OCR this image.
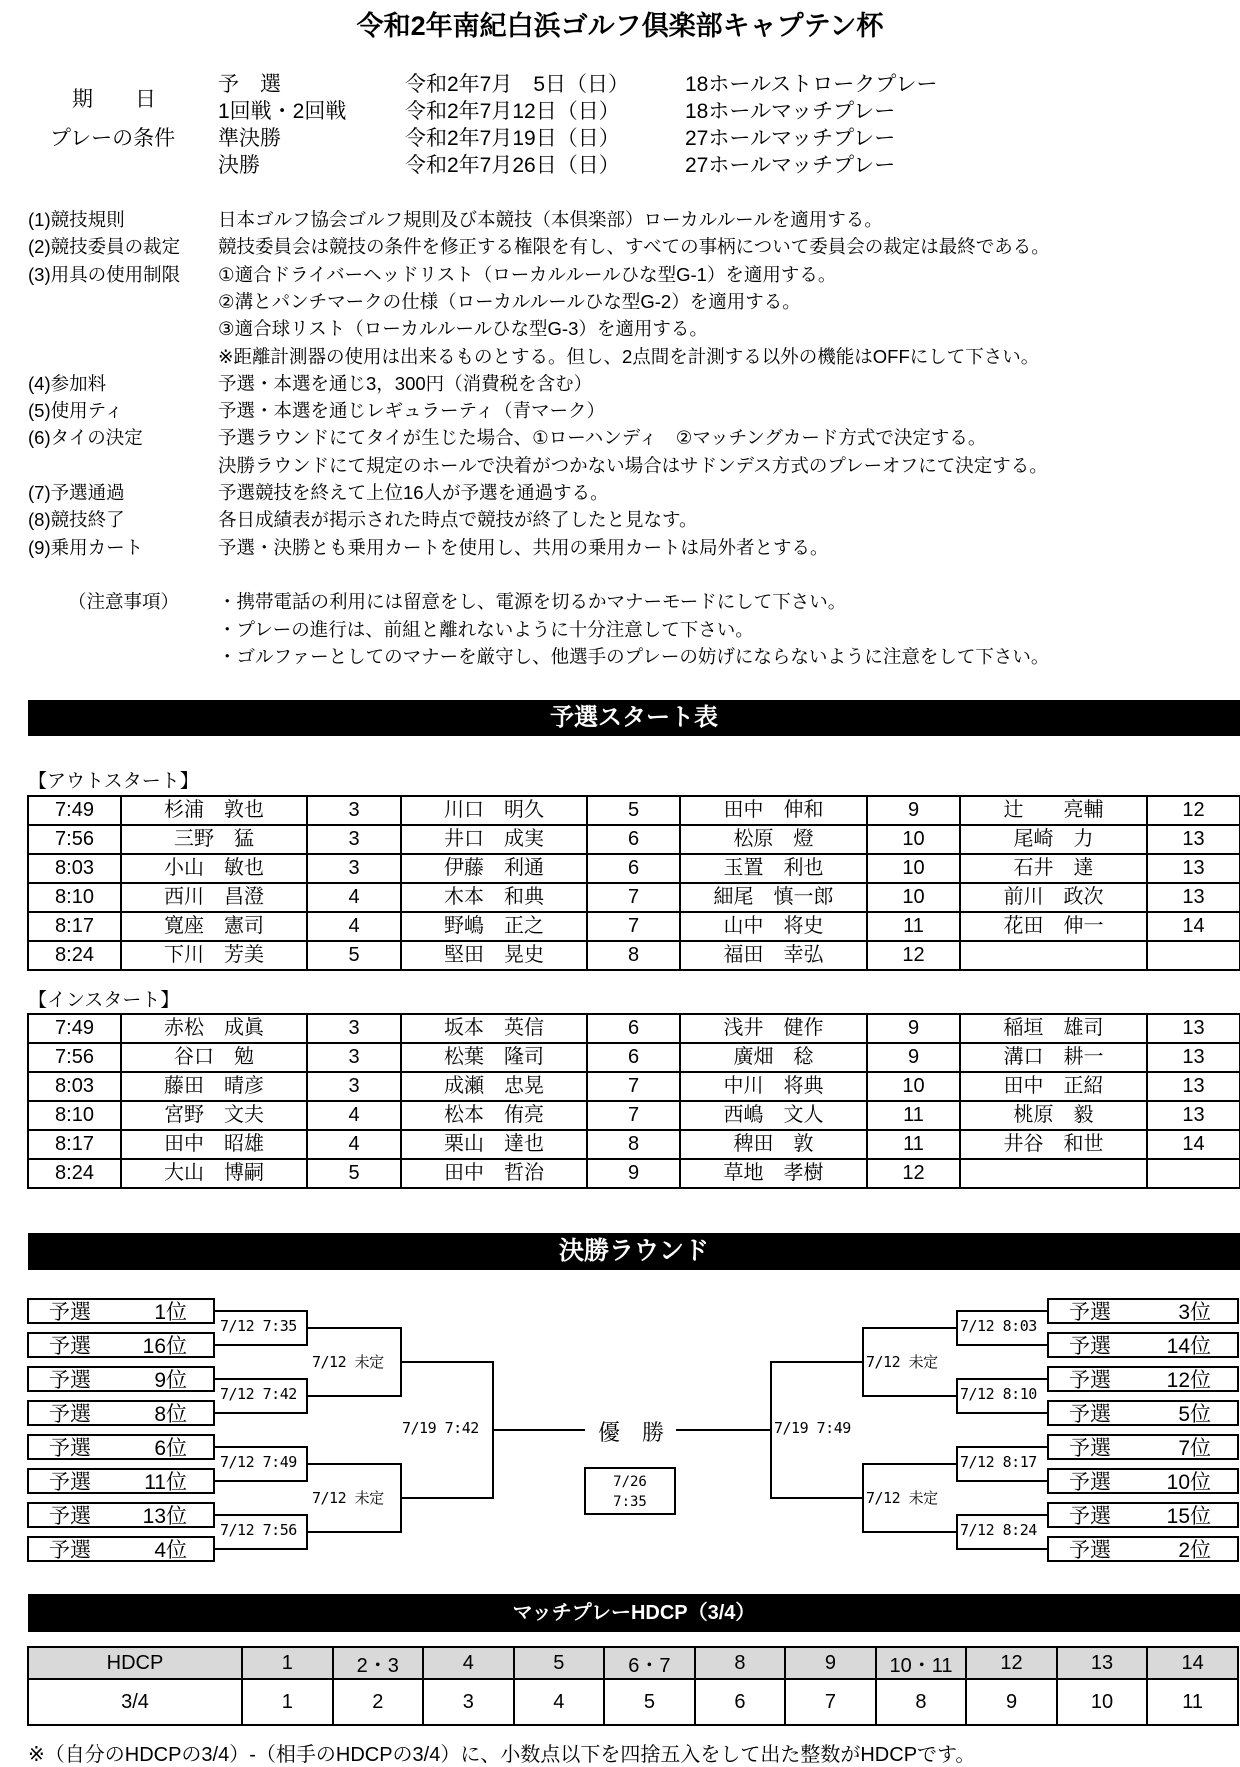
令和2年南紀白浜ゴルフ倶楽部キャプテン杯
期　　日
プレーの条件
予　選	令和2年7月　5日（日）	18ホールストロークプレー
1回戦・2回戦	令和2年7月12日（日）	18ホールマッチプレー
準決勝	令和2年7月19日（日）	27ホールマッチプレー
決勝	令和2年7月26日（日）	27ホールマッチプレー
(1)競技規則	日本ゴルフ協会ゴルフ規則及び本競技（本倶楽部）ローカルルールを適用する。
(2)競技委員の裁定 競技委員会は競技の条件を修正する権限を有し、すべての事柄について委員会の裁定は最終である。
(3)用具の使用制限 ①適合ドライバーヘッドリスト（ローカルルールひな型G-1）を適用する。
②溝とパンチマークの仕様（ローカルルールひな型G-2）を適用する。
③適合球リスト（ローカルルールひな型G-3）を適用する。
※距離計測器の使用は出来るものとする。但し、2点間を計測する以外の機能はOFFにして下さい。
(4)参加料	予選・本選を通じ3，300円（消費税を含む）
(5)使用ティ	予選・本選を通じレギュラーティ（青マーク）
(6)タイの決定	予選ラウンドにてタイが生じた場合、①ローハンディ　②マッチングカード方式で決定する。
決勝ラウンドにて規定のホールで決着がつかない場合はサドンデス方式のプレーオフにて決定する。
(7)予選通過	予選競技を終えて上位16人が予選を通過する。
(8)競技終了	各日成績表が掲示された時点で競技が終了したと見なす。
(9)乗用カート	予選・決勝とも乗用カートを使用し、共用の乗用カートは局外者とする。
（注意事項） ・携帯電話の利用には留意をし、電源を切るかマナーモードにして下さい。
・プレーの進行は、前組と離れないように十分注意して下さい。
・ゴルファーとしてのマナーを厳守し、他選手のプレーの妨げにならないように注意をして下さい。
予選スタート表
【アウトスタート】
7:49	杉浦　敦也	3	川口　明久	5	田中　伸和	9	辻　　亮輔	12
7:56	三野　猛	3	井口　成実	6	松原　燈	10	尾崎　力	13
8:03	小山　敏也	3	伊藤　利通	6	玉置　利也	10	石井　達	13
8:10	西川　昌澄	4	木本　和典	7	細尾　慎一郎	10	前川　政次	13
8:17	寛座　憲司	4	野嶋　正之	7	山中　将史	11	花田　伸一	14
8:24	下川　芳美	5	堅田　晃史	8	福田　幸弘	12		
【インスタート】
7:49	赤松　成眞	3	坂本　英信	6	浅井　健作	9	稲垣　雄司	13
7:56	谷口　勉	3	松葉　隆司	6	廣畑　稔	9	溝口　耕一	13
8:03	藤田　晴彦	3	成瀬　忠晃	7	中川　将典	10	田中　正紹	13
8:10	宮野　文夫	4	松本　侑亮	7	西嶋　文人	11	桃原　毅	13
8:17	田中　昭雄	4	栗山　達也	8	稗田　敦	11	井谷　和世	14
8:24	大山　博嗣	5	田中　哲治	9	草地　孝樹	12		
決勝ラウンド
予選	1位
予選 16位
予選	9位
予選	8位
予選	6位
予選	11位
予選 13位
予選	4位
予選	3位
予選	14位
予選	12位
予選	5位
予選	7位
予選	10位
予選	15位
予選	2位
7/12 7:35
7/12 7:42
7/12 7:49
7/12 7:56
7/12 未定
7/12 未定
7/19 7:42
7/12 8:03
7/12 8:10
7/12 8:17
7/12 8:24
7/12 未定
7/12 未定
7/19 7:49
優　勝
7/26
7:35
マッチプレーHDCP（3/4）
HDCP	1	2・3	4	5	6・7	8	9	10・11	12	13	14
3/4	1	2	3	4	5	6	7	8	9	10	11
※（自分のHDCPの3/4）-（相手のHDCPの3/4）に、小数点以下を四捨五入をして出た整数がHDCPです。
